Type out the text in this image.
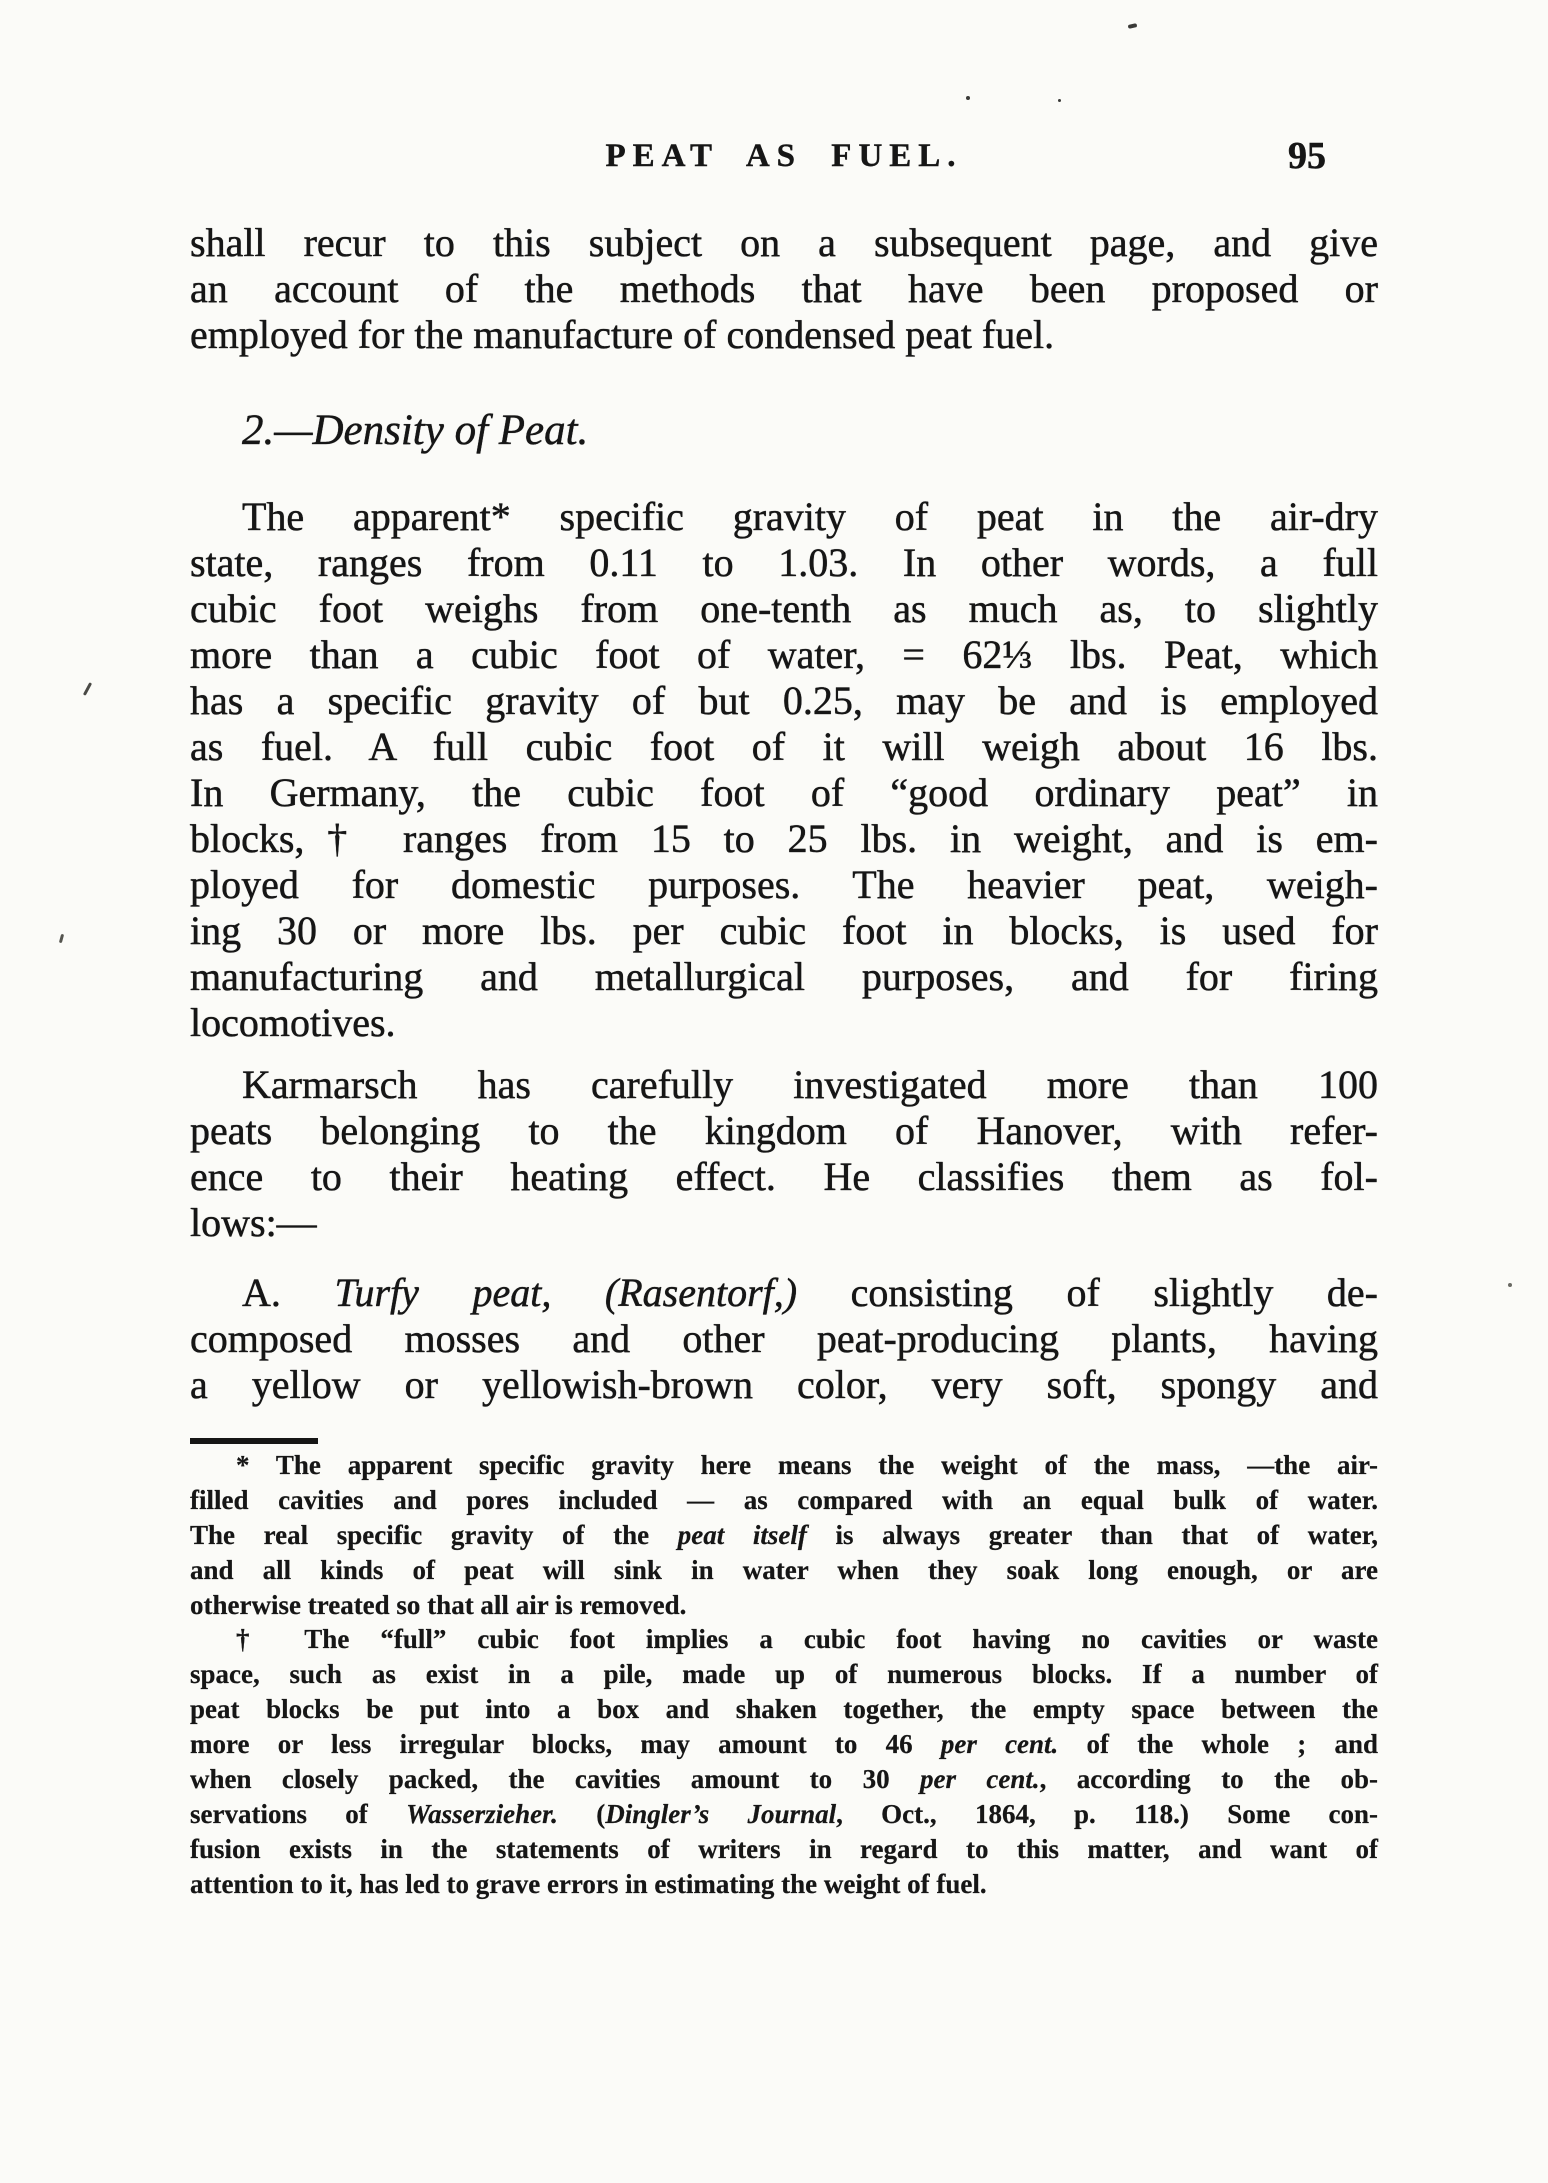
PEAT AS FUEL.	95
shall recur to this subject on a subsequent page, and give
an account of the methods that have been proposed or
employed for the manufacture of condensed peat fuel.
2.—Density of Peat.
The apparent* specific gravity of peat in the air-dry
state, ranges from 0.11 to 1.03. In other words, a full
cubic foot weighs from one-tenth as much as, to slightly
more than a cubic foot of water, = 62⅓ lbs. Peat, which
has a specific gravity of but 0.25, may be and is employed
as fuel. A full cubic foot of it will weigh about 16 lbs.
In Germany, the cubic foot of “good ordinary peat” in
blocks,† ranges from 15 to 25 lbs. in weight, and is em-
ployed for domestic purposes. The heavier peat, weigh-
ing 30 or more lbs. per cubic foot in blocks, is used for
manufacturing and metallurgical purposes, and for firing
locomotives.
Karmarsch has carefully investigated more than 100
peats belonging to the kingdom of Hanover, with refer-
ence to their heating effect. He classifies them as fol-
lows:—
A. Turfy peat, (Rasentorf,) consisting of slightly de-
composed mosses and other peat-producing plants, having
a yellow or yellowish-brown color, very soft, spongy and
* The apparent specific gravity here means the weight of the mass, —the air-
filled cavities and pores included — as compared with an equal bulk of water.
The real specific gravity of the peat itself is always greater than that of water,
and all kinds of peat will sink in water when they soak long enough, or are
otherwise treated so that all air is removed.
† The “full” cubic foot implies a cubic foot having no cavities or waste
space, such as exist in a pile, made up of numerous blocks. If a number of
peat blocks be put into a box and shaken together, the empty space between the
more or less irregular blocks, may amount to 46 per cent. of the whole ; and
when closely packed, the cavities amount to 30 per cent., according to the ob-
servations of Wasserzieher. (Dingler’s Journal, Oct., 1864, p. 118.) Some con-
fusion exists in the statements of writers in regard to this matter, and want of
attention to it, has led to grave errors in estimating the weight of fuel.
